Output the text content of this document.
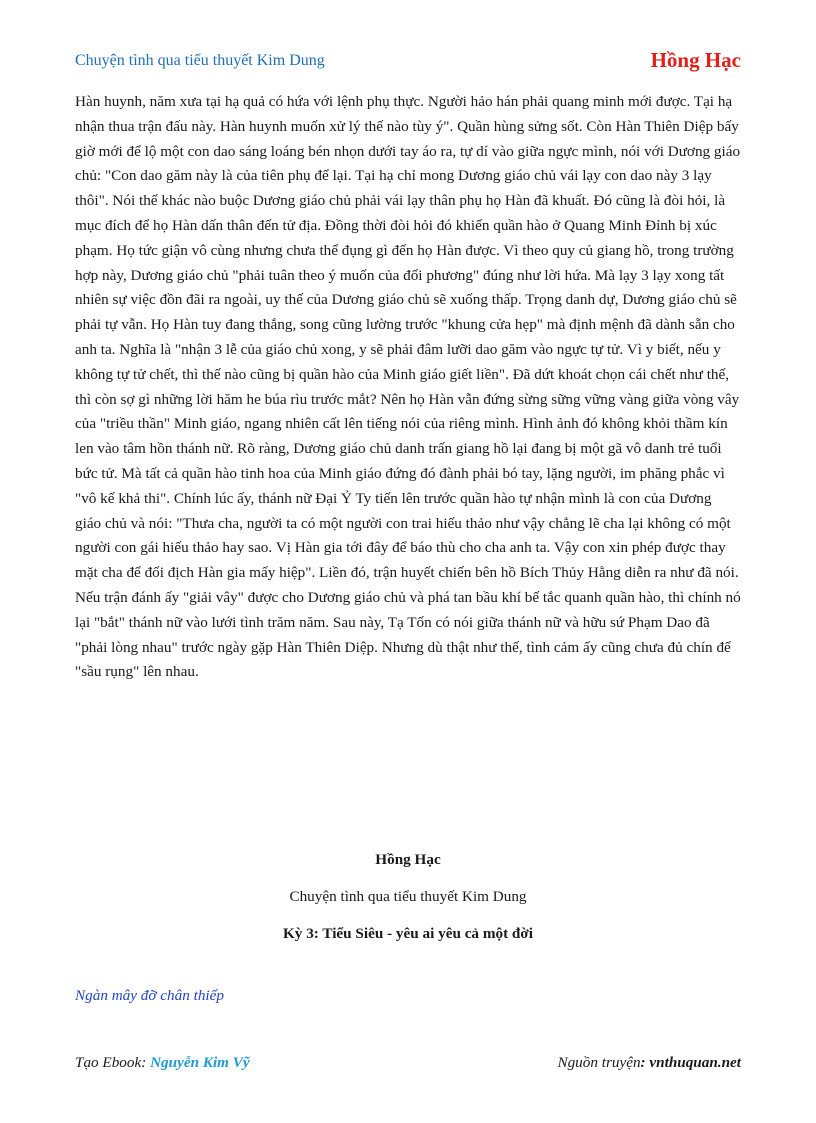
Chuyện tình qua tiểu thuyết Kim Dung	Hồng Hạc

Hàn huynh, năm xưa tại hạ quả có hứa với lệnh phụ thực. Người hảo hán phải quang minh mới được. Tại hạ nhận thua trận đấu này. Hàn huynh muốn xử lý thế nào tùy ý". Quần hùng sửng sốt. Còn Hàn Thiên Diệp bấy giờ mới để lộ một con dao sáng loáng bén nhọn dưới tay áo ra, tự dí vào giữa ngực mình, nói với Dương giáo chủ: "Con dao găm này là của tiên phụ để lại. Tại hạ chỉ mong Dương giáo chủ vái lạy con dao này 3 lạy thôi". Nói thế khác nào buộc Dương giáo chủ phải vái lạy thân phụ họ Hàn đã khuất. Đó cũng là đòi hỏi, là mục đích để họ Hàn dấn thân đến tử địa. Đồng thời đòi hỏi đó khiến quần hào ở Quang Minh Đỉnh bị xúc phạm. Họ tức giận vô cùng nhưng chưa thể đụng gì đến họ Hàn được. Vì theo quy củ giang hồ, trong trường hợp này, Dương giáo chủ "phải tuân theo ý muốn của đối phương" đúng như lời hứa. Mà lạy 3 lạy xong tất nhiên sự việc đồn đãi ra ngoài, uy thế của Dương giáo chủ sẽ xuống thấp. Trọng danh dự, Dương giáo chủ sẽ phải tự vẫn. Họ Hàn tuy đang thắng, song cũng lường trước "khung cửa hẹp" mà định mệnh đã dành sẵn cho anh ta. Nghĩa là "nhận 3 lễ của giáo chủ xong, y sẽ phải đâm lưỡi dao găm vào ngực tự tử. Vì y biết, nếu y không tự tử chết, thì thế nào cũng bị quần hào của Minh giáo giết liền". Đã dứt khoát chọn cái chết như thế, thì còn sợ gì những lời hăm he búa rìu trước mắt? Nên họ Hàn vẫn đứng sừng sững vững vàng giữa vòng vây của "triều thần" Minh giáo, ngang nhiên cất lên tiếng nói của riêng mình. Hình ảnh đó không khỏi thầm kín len vào tâm hồn thánh nữ. Rõ ràng, Dương giáo chủ danh trấn giang hồ lại đang bị một gã vô danh trẻ tuổi bức tử. Mà tất cả quần hào tinh hoa của Minh giáo đứng đó đành phải bó tay, lặng người, im phăng phắc vì "vô kế khả thi". Chính lúc ấy, thánh nữ Đại Ỷ Ty tiến lên trước quần hào tự nhận mình là con của Dương giáo chủ và nói: "Thưa cha, người ta có một người con trai hiếu thảo như vậy chẳng lẽ cha lại không có một người con gái hiếu thảo hay sao. Vị Hàn gia tới đây để báo thù cho cha anh ta. Vậy con xin phép được thay mặt cha để đối địch Hàn gia mấy hiệp". Liền đó, trận huyết chiến bên hồ Bích Thủy Hằng diễn ra như đã nói. Nếu trận đánh ấy "giải vây" được cho Dương giáo chủ và phá tan bầu khí bế tắc quanh quần hào, thì chính nó lại "bắt" thánh nữ vào lưới tình trăm năm. Sau này, Tạ Tốn có nói giữa thánh nữ và hữu sứ Phạm Dao đã "phải lòng nhau" trước ngày gặp Hàn Thiên Diệp. Nhưng dù thật như thế, tình cảm ấy cũng chưa đủ chín để "sầu rụng" lên nhau.

Hồng Hạc

Chuyện tình qua tiểu thuyết Kim Dung

Kỳ 3: Tiểu Siêu - yêu ai yêu cả một đời

Ngàn mây đỡ chân thiếp
Tạo Ebook: Nguyễn Kim Vỹ	Nguồn truyện: vnthuquan.net
